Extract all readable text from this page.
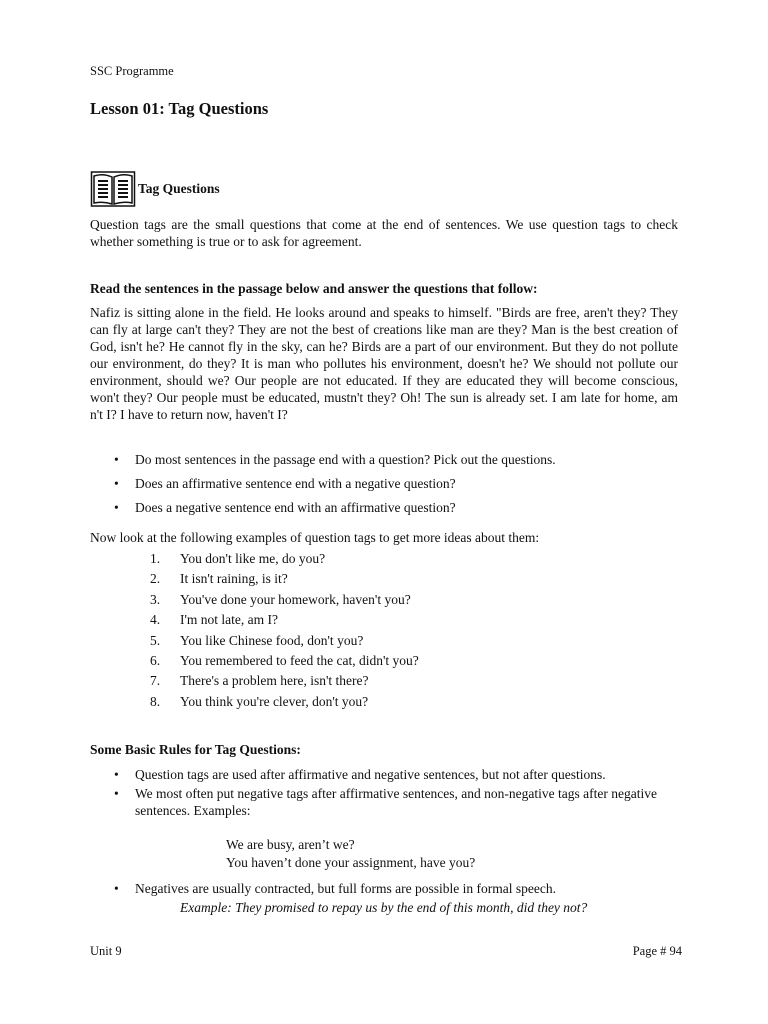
SSC Programme
Lesson 01: Tag Questions
Tag Questions
Question tags are the small questions that come at the end of sentences. We use question tags to check whether something is true or to ask for agreement.
Read the sentences in the passage below and answer the questions that follow:
Nafiz is sitting alone in the field. He looks around and speaks to himself. "Birds are free, aren't they? They can fly at large can't they? They are not the best of creations like man are they? Man is the best creation of God, isn't he? He cannot fly in the sky, can he? Birds are a part of our environment. But they do not pollute our environment, do they? It is man who pollutes his environment, doesn't he? We should not pollute our environment, should we? Our people are not educated. If they are educated they will become conscious, won't they? Our people must be educated, mustn't they? Oh! The sun is already set. I am late for home, am n't I? I have to return now, haven't I?
• Do most sentences in the passage end with a question? Pick out the questions.
• Does an affirmative sentence end with a negative question?
• Does a negative sentence end with an affirmative question?
Now look at the following examples of question tags to get more ideas about them:
1.	You don't like me, do you?
2.	It isn't raining, is it?
3.	You've done your homework, haven't you?
4.	I'm not late, am I?
5.	You like Chinese food, don't you?
6.	You remembered to feed the cat, didn't you?
7.	There's a problem here, isn't there?
8.	You think you're clever, don't you?
Some Basic Rules for Tag Questions:
• Question tags are used after affirmative and negative sentences, but not after questions.
• We most often put negative tags after affirmative sentences, and non-negative tags after negative sentences. Examples:
We are busy, aren’t we?
You haven’t done your assignment, have you?
• Negatives are usually contracted, but full forms are possible in formal speech.
Example: They promised to repay us by the end of this month, did they not?
Unit 9	Page # 94
